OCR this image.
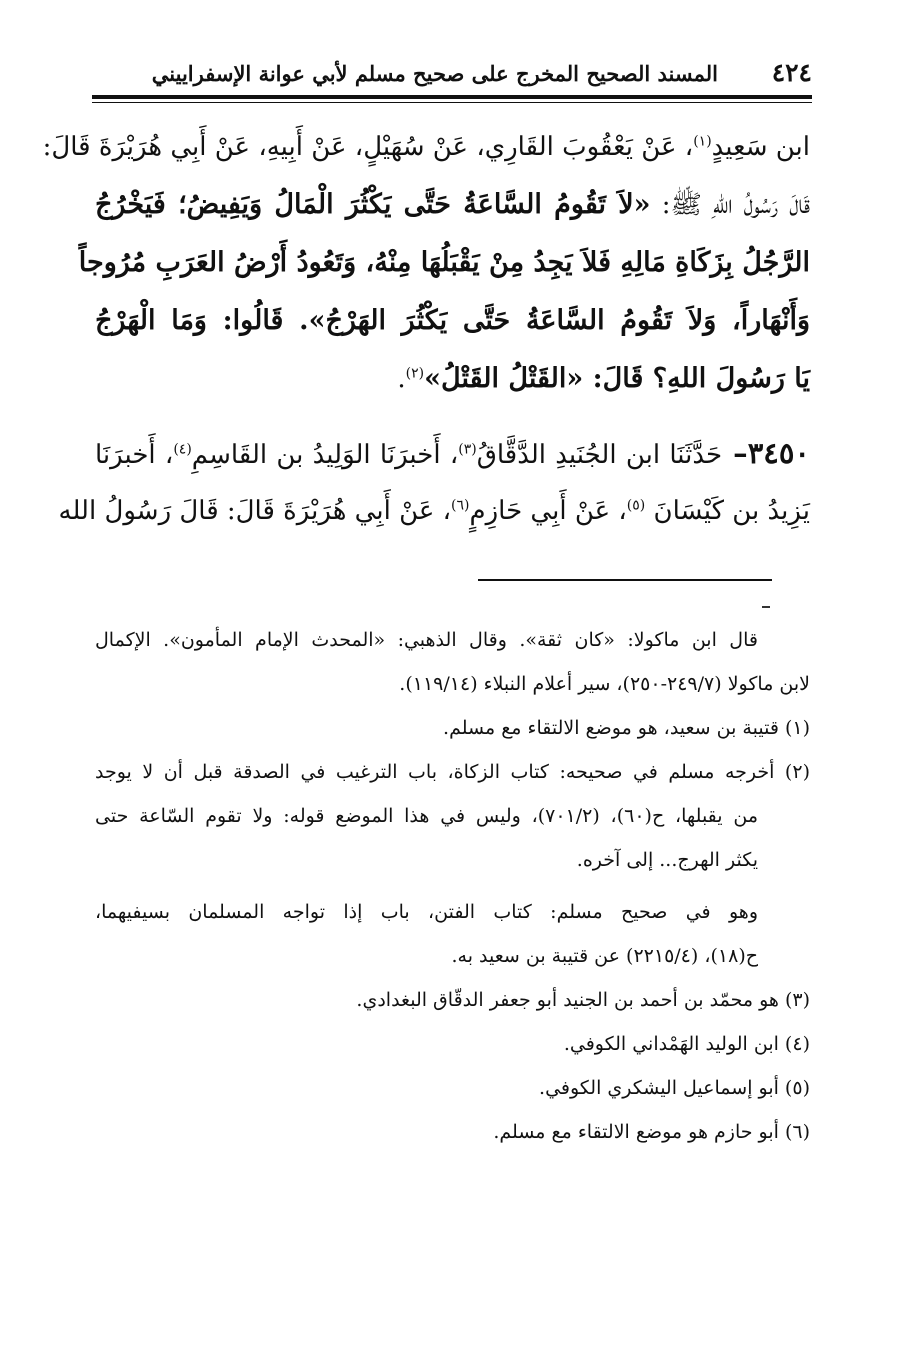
٤٢٤
المسند الصحيح المخرج على صحيح مسلم لأبي عوانة الإسفراييني
ابن سَعِيدٍ$^{(١)}$، عَنْ يَعْقُوبَ القَارِي، عَنْ سُهَيْلٍ، عَنْ أَبِيهِ، عَنْ أَبِي هُرَيْرَةَ قَالَ:
قَالَ رَسُولُ اللهِ ﷺ: «لاَ تَقُومُ السَّاعَةُ حَتَّى يَكْثُرَ الْمَالُ وَيَفِيضُ؛ فَيَخْرُجُ
الرَّجُلُ بِزَكَاةِ مَالِهِ فَلاَ يَجِدُ مِنْ يَقْبَلُهَا مِنْهُ، وَتَعُودُ أَرْضُ العَرَبِ مُرُوجاً
وَأَنْهَاراً، وَلاَ تَقُومُ السَّاعَةُ حَتَّى يَكْثُرَ الهَرْجُ». قَالُوا: وَمَا الْهَرْجُ
يَا رَسُولَ اللهِ؟ قَالَ: «القَتْلُ القَتْلُ»$^{(٢)}$.
٣٤٥٠– حَدَّثَنَا ابن الجُنَيدِ الدَّقَّاقُ$^{(٣)}$، أَخبرَنَا الوَلِيدُ بن القَاسِمِ$^{(٤)}$، أَخبرَنَا
يَزِيدُ بن كَيْسَانَ $^{(٥)}$، عَنْ أَبِي حَازِمٍ$^{(٦)}$، عَنْ أَبِي هُرَيْرَةَ قَالَ: قَالَ رَسُولُ الله
قال ابن ماكولا: «كان ثقة». وقال الذهبي: «المحدث الإمام المأمون». الإكمال
لابن ماكولا (٢٤٩/٧-٢٥٠)، سير أعلام النبلاء (١١٩/١٤).
(١) قتيبة بن سعيد، هو موضع الالتقاء مع مسلم.
(٢) أخرجه مسلم في صحيحه: كتاب الزكاة، باب الترغيب في الصدقة قبل أن لا يوجد
من يقبلها، ح(٦٠)، (٧٠١/٢)، وليس في هذا الموضع قوله: ولا تقوم السّاعة حتى
يكثر الهرج... إلى آخره.
وهو في صحيح مسلم: كتاب الفتن، باب إذا تواجه المسلمان بسيفيهما،
ح(١٨)، (٢٢١٥/٤) عن قتيبة بن سعيد به.
(٣) هو محمّد بن أحمد بن الجنيد أبو جعفر الدقّاق البغدادي.
(٤) ابن الوليد الهَمْداني الكوفي.
(٥) أبو إسماعيل اليشكري الكوفي.
(٦) أبو حازم هو موضع الالتقاء مع مسلم.
